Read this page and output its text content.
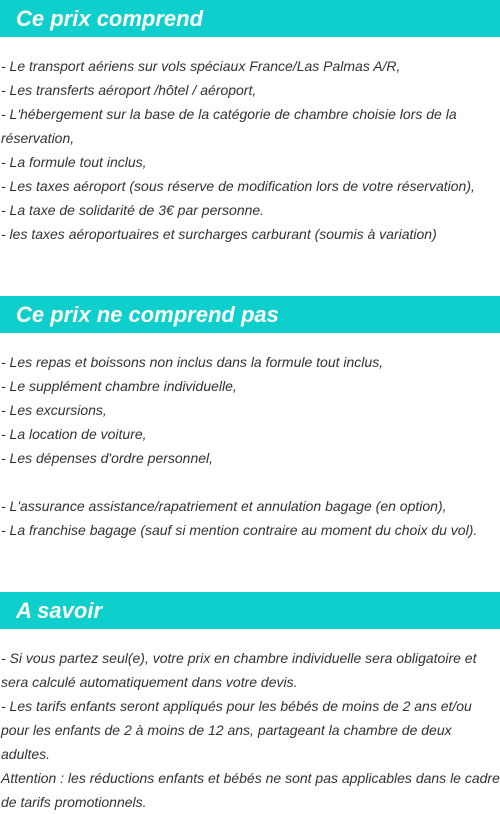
Ce prix comprend
- Le transport aériens sur vols spéciaux France/Las Palmas A/R,
- Les transferts aéroport /hôtel / aéroport,
- L'hébergement sur la base de la catégorie de chambre choisie lors de la réservation,
- La formule tout inclus,
- Les taxes aéroport (sous réserve de modification lors de votre réservation),
- La taxe de solidarité de 3€ par personne.
- les taxes aéroportuaires et surcharges carburant (soumis à variation)
Ce prix ne comprend pas
- Les repas et boissons non inclus dans la formule tout inclus,
- Le supplément chambre individuelle,
- Les excursions,
- La location de voiture,
- Les dépenses d'ordre personnel,
- L'assurance assistance/rapatriement et annulation bagage (en option),
- La franchise bagage (sauf si mention contraire au moment du choix du vol).
A savoir
- Si vous partez seul(e), votre prix en chambre individuelle sera obligatoire et sera calculé automatiquement dans votre devis.
- Les tarifs enfants seront appliqués pour les bébés de moins de 2 ans et/ou pour les enfants de 2 à moins de 12 ans, partageant la chambre de deux adultes.
Attention : les réductions enfants et bébés ne sont pas applicables dans le cadre de tarifs promotionnels.
